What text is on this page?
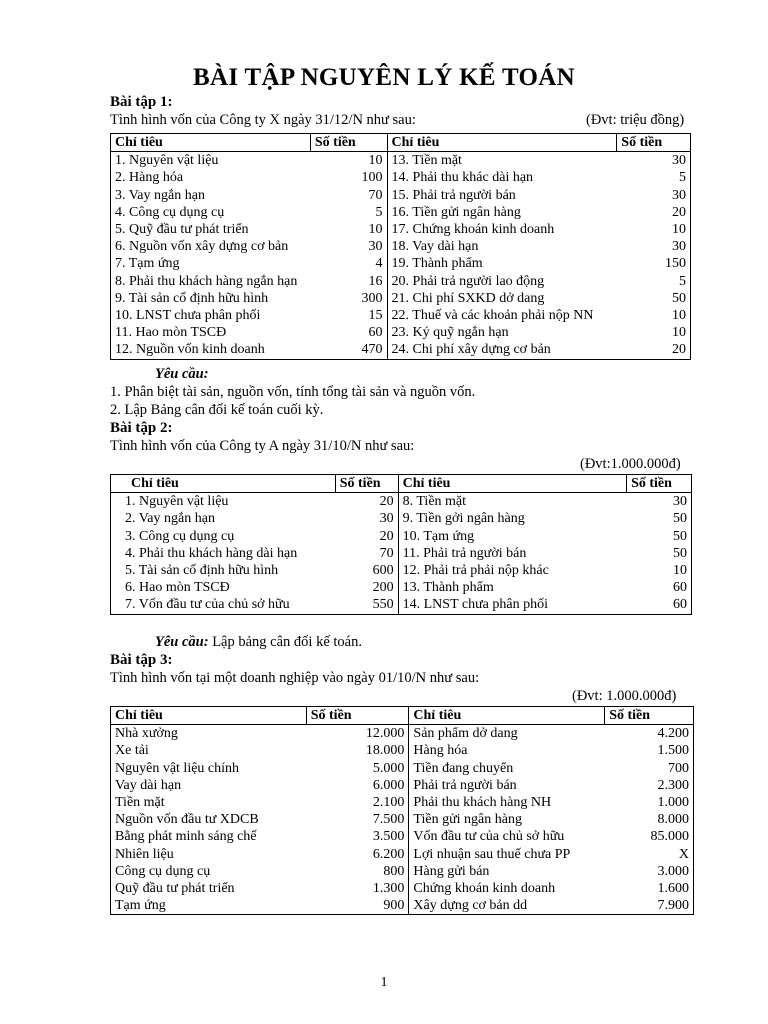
BÀI TẬP NGUYÊN LÝ KẾ TOÁN
Bài tập 1:
Tình hình vốn của Công ty X ngày 31/12/N như sau:	(Đvt: triệu đồng)
Chỉ tiêu	Số tiền	Chỉ tiêu	Số tiền
1. Nguyên vật liệu	10	13. Tiền mặt	30
2. Hàng hóa	100	14. Phải thu khác dài hạn	5
3. Vay ngắn hạn	70	15. Phải trả người bán	30
4. Công cụ dụng cụ	5	16. Tiền gửi ngân hàng	20
5. Quỹ đầu tư phát triển	10	17. Chứng khoán kinh doanh	10
6. Nguồn vốn xây dựng cơ bản	30	18. Vay dài hạn	30
7. Tạm ứng	4	19. Thành phẩm	150
8. Phải thu khách hàng ngắn hạn	16	20. Phải trả người lao động	5
9. Tài sản cố định hữu hình	300	21. Chi phí SXKD dở dang	50
10. LNST chưa phân phối	15	22. Thuế và các khoản phải nộp NN	10
11. Hao mòn TSCĐ	60	23. Ký quỹ ngắn hạn	10
12. Nguồn vốn kinh doanh	470	24. Chi phí xây dựng cơ bản	20
Yêu cầu:
1. Phân biệt tài sản, nguồn vốn, tính tổng tài sản và nguồn vốn.
2. Lập Bảng cân đối kế toán cuối kỳ.
Bài tập 2:
Tình hình vốn của Công ty A ngày 31/10/N như sau:
(Đvt:1.000.000đ)
Chỉ tiêu	Số tiền	Chỉ tiêu	Số tiền
1. Nguyên vật liệu	20	8. Tiền mặt	30
2. Vay ngắn hạn	30	9. Tiền gởi ngân hàng	50
3. Công cụ dụng cụ	20	10. Tạm ứng	50
4. Phải thu khách hàng dài hạn	70	11. Phải trả người bán	50
5. Tài sản cố định hữu hình	600	12. Phải trả phải nộp khác	10
6. Hao mòn TSCĐ	200	13. Thành phẩm	60
7. Vốn đầu tư của chủ sở hữu	550	14. LNST chưa phân phối	60
Yêu cầu: Lập bảng cân đối kế toán.
Bài tập 3:
Tình hình vốn tại một doanh nghiệp vào ngày 01/10/N như sau:
(Đvt: 1.000.000đ)
Chỉ tiêu	Số tiền	Chỉ tiêu	Số tiền
Nhà xưởng	12.000	Sản phẩm dở dang	4.200
Xe tải	18.000	Hàng hóa	1.500
Nguyên vật liệu chính	5.000	Tiền đang chuyển	700
Vay dài hạn	6.000	Phải trả người bán	2.300
Tiền mặt	2.100	Phải thu khách hàng NH	1.000
Nguồn vốn đầu tư XDCB	7.500	Tiền gửi ngân hàng	8.000
Bằng phát minh sáng chế	3.500	Vốn đầu tư của chủ sở hữu	85.000
Nhiên liệu	6.200	Lợi nhuận sau thuế chưa PP	X
Công cụ dụng cụ	800	Hàng gửi bán	3.000
Quỹ đầu tư phát triển	1.300	Chứng khoán kinh doanh	1.600
Tạm ứng	900	Xây dựng cơ bản dd	7.900
1
